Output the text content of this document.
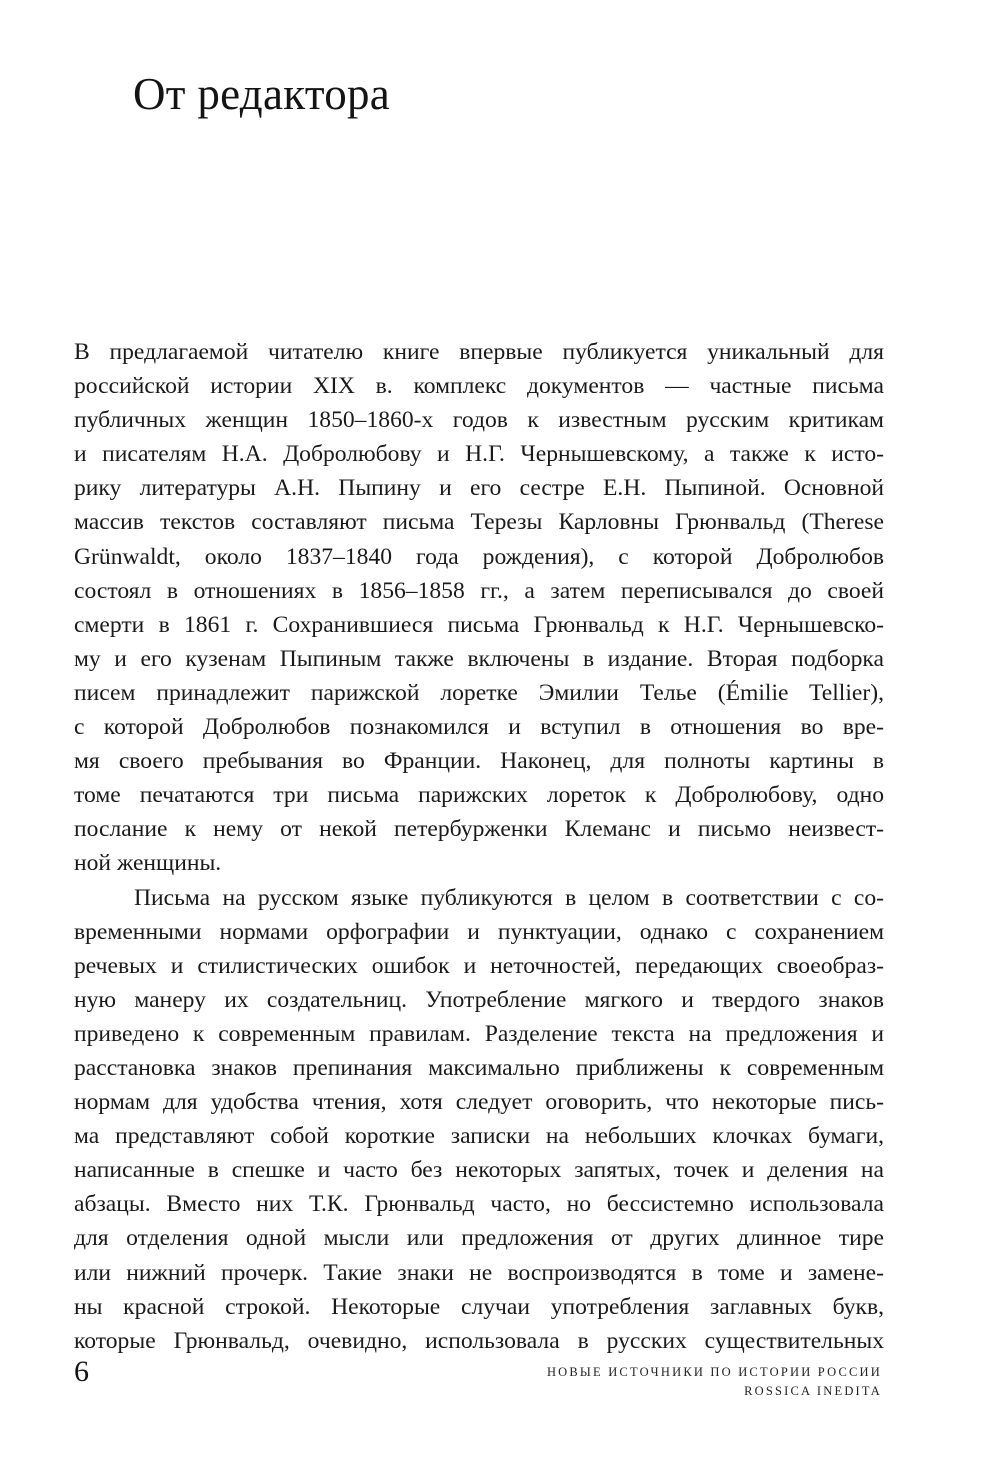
От редактора
В предлагаемой читателю книге впервые публикуется уникальный для
российской истории XIX в. комплекс документов — частные письма
публичных женщин 1850–1860-х годов к известным русским критикам
и писателям Н.А. Добролюбову и Н.Г. Чернышевскому, а также к исто-
рику литературы А.Н. Пыпину и его сестре Е.Н. Пыпиной. Основной
массив текстов составляют письма Терезы Карловны Грюнвальд (Therese
Grünwaldt, около 1837–1840 года рождения), с которой Добролюбов
состоял в отношениях в 1856–1858 гг., а затем переписывался до своей
смерти в 1861 г. Сохранившиеся письма Грюнвальд к Н.Г. Чернышевско-
му и его кузенам Пыпиным также включены в издание. Вторая подборка
писем принадлежит парижской лоретке Эмилии Телье (Émilie Tellier),
с которой Добролюбов познакомился и вступил в отношения во вре-
мя своего пребывания во Франции. Наконец, для полноты картины в
томе печатаются три письма парижских лореток к Добролюбову, одно
послание к нему от некой петербурженки Клеманс и письмо неизвест-
ной женщины.
Письма на русском языке публикуются в целом в соответствии с со-
временными нормами орфографии и пунктуации, однако с сохранением
речевых и стилистических ошибок и неточностей, передающих своеобраз-
ную манеру их создательниц. Употребление мягкого и твердого знаков
приведено к современным правилам. Разделение текста на предложения и
расстановка знаков препинания максимально приближены к современным
нормам для удобства чтения, хотя следует оговорить, что некоторые пись-
ма представляют собой короткие записки на небольших клочках бумаги,
написанные в спешке и часто без некоторых запятых, точек и деления на
абзацы. Вместо них Т.К. Грюнвальд часто, но бессистемно использовала
для отделения одной мысли или предложения от других длинное тире
или нижний прочерк. Такие знаки не воспроизводятся в томе и замене-
ны красной строкой. Некоторые случаи употребления заглавных букв,
которые Грюнвальд, очевидно, использовала в русских существительных
6	НОВЫЕ ИСТОЧНИКИ ПО ИСТОРИИ РОССИИ
ROSSICA INEDITA
